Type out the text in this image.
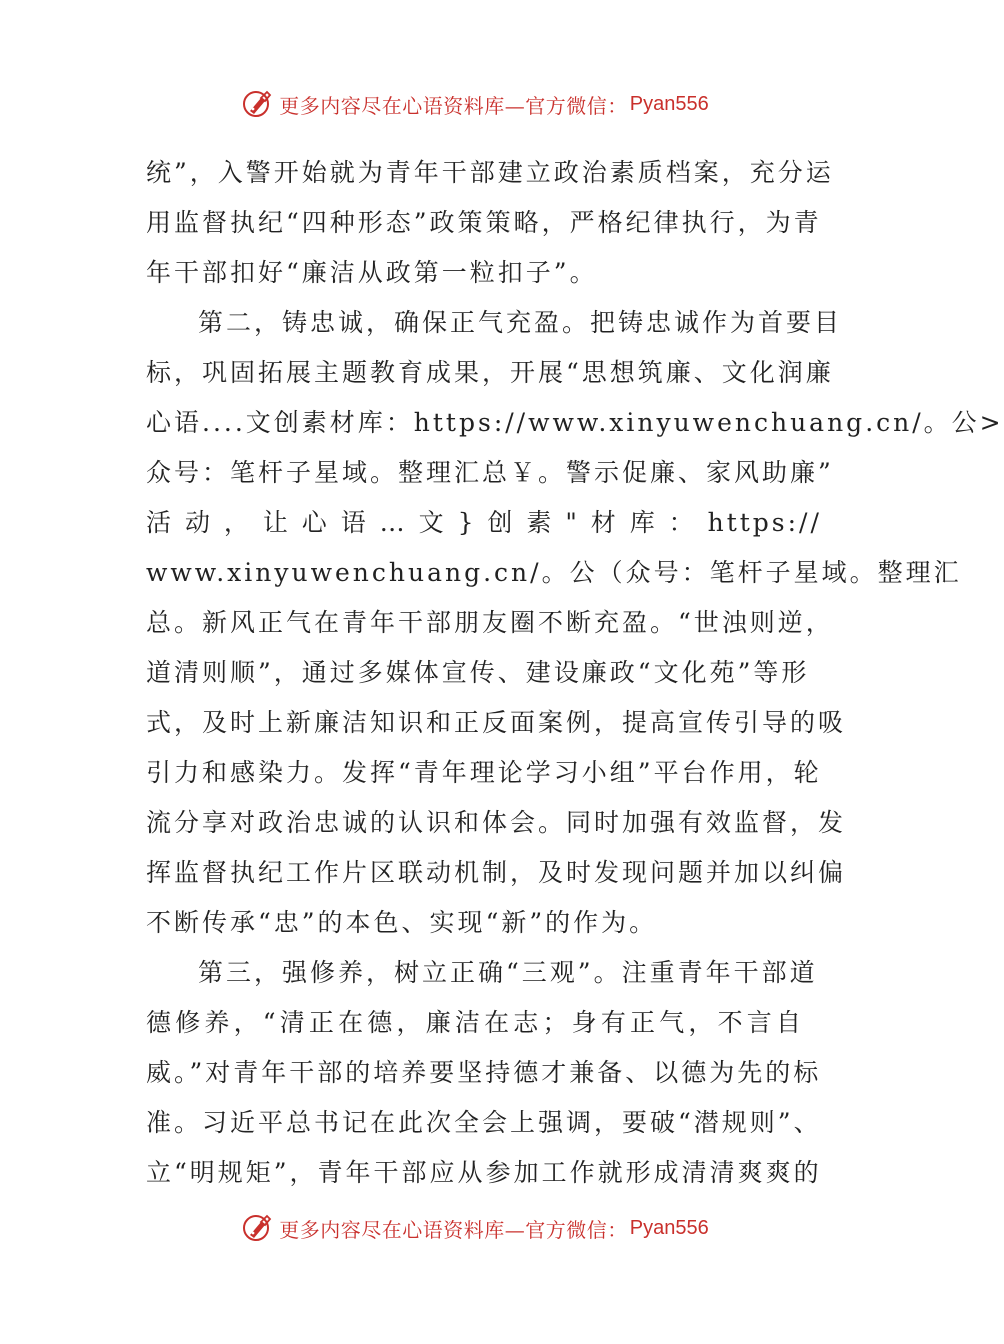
更多内容尽在心语资料库—官方微信： Pyan556
统”，入警开始就为青年干部建立政治素质档案，充分运
用监督执纪“四种形态”政策策略，严格纪律执行，为青
年干部扣好“廉洁从政第一粒扣子”。
第二，铸忠诚，确保正气充盈。把铸忠诚作为首要目
标，巩固拓展主题教育成果，开展“思想筑廉、文化润廉
心语....文创素材库：https://www.xinyuwenchuang.cn/。公>
众号：笔杆子星域。整理汇总￥。警示促廉、家风助廉”
活 动 ， 让 心 语 … 文 } 创 素 " 材 库 ： https://
www.xinyuwenchuang.cn/。公（众号：笔杆子星域。整理汇
总。新风正气在青年干部朋友圈不断充盈。“世浊则逆，
道清则顺”，通过多媒体宣传、建设廉政“文化苑”等形
式，及时上新廉洁知识和正反面案例，提高宣传引导的吸
引力和感染力。发挥“青年理论学习小组”平台作用，轮
流分享对政治忠诚的认识和体会。同时加强有效监督，发
挥监督执纪工作片区联动机制，及时发现问题并加以纠偏
不断传承“忠”的本色、实现“新”的作为。
第三，强修养，树立正确“三观”。注重青年干部道
德修养，“清正在德，廉洁在志；身有正气，不言自
威。”对青年干部的培养要坚持德才兼备、以德为先的标
准。习近平总书记在此次全会上强调，要破“潜规则”、
立“明规矩”，青年干部应从参加工作就形成清清爽爽的
更多内容尽在心语资料库—官方微信： Pyan556
